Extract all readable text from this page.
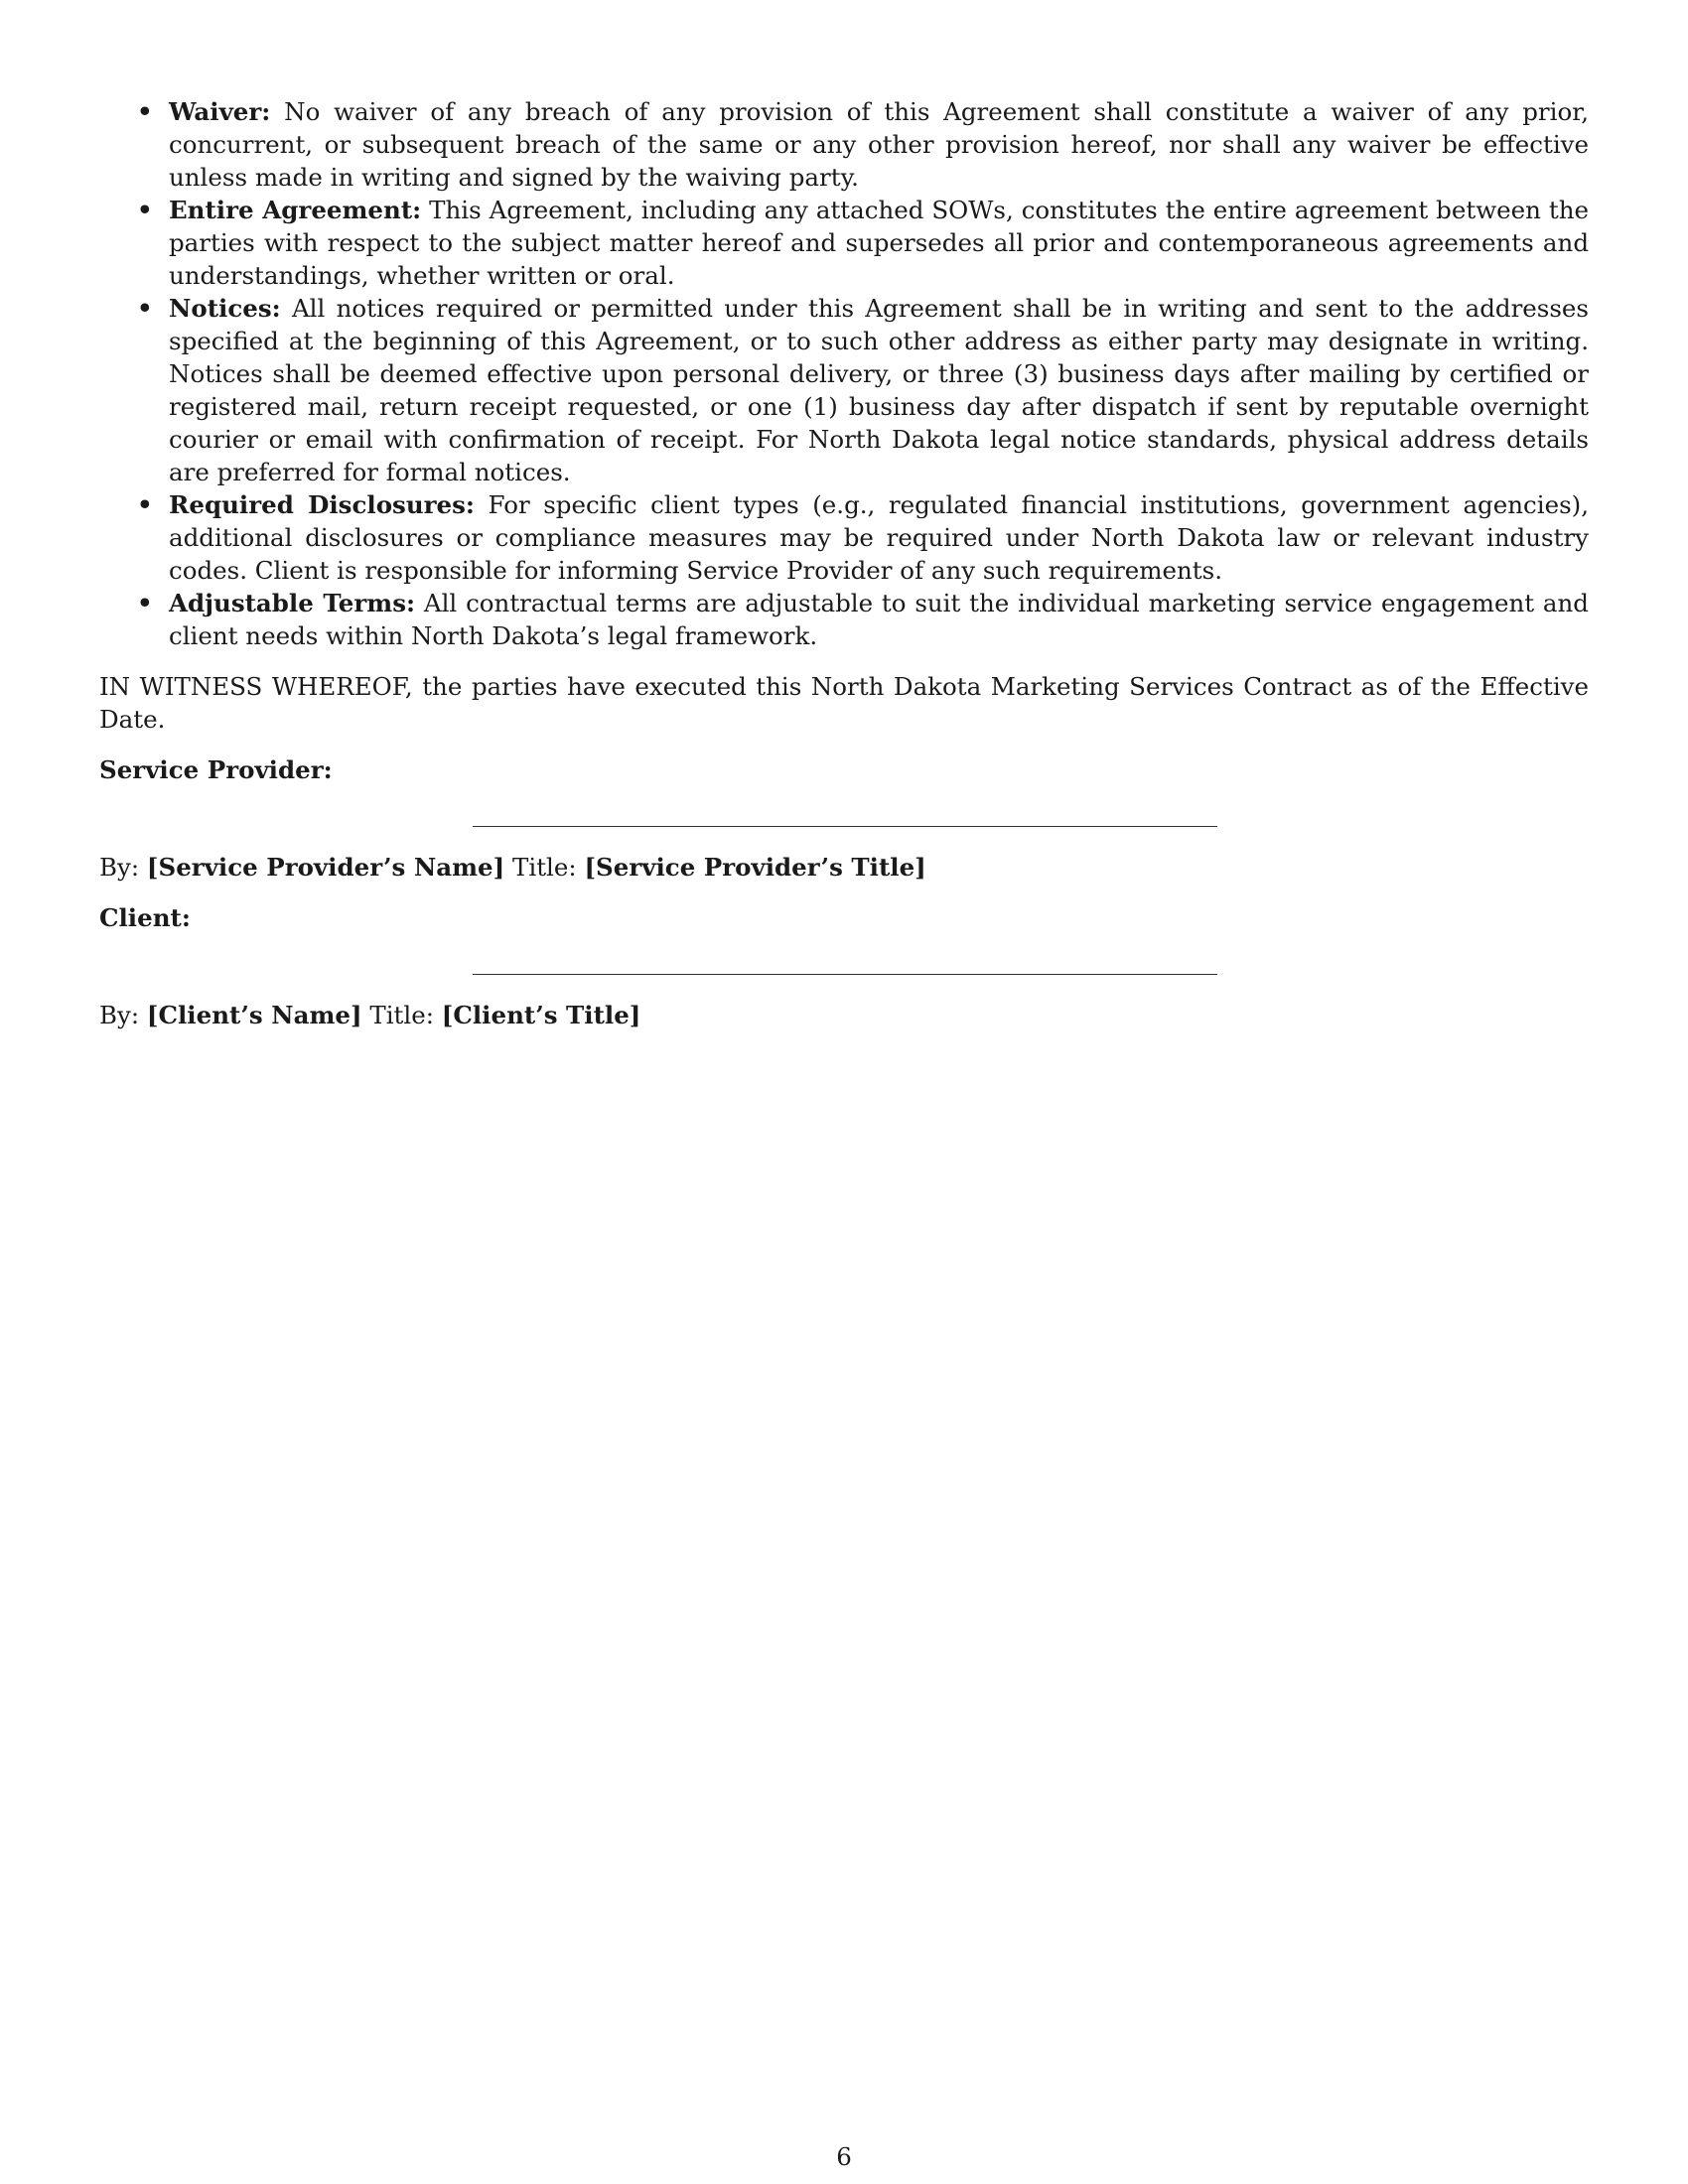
• Waiver: No waiver of any breach of any provision of this Agreement shall constitute a waiver of any prior, concurrent, or subsequent breach of the same or any other provision hereof, nor shall any waiver be effective unless made in writing and signed by the waiving party.
• Entire Agreement: This Agreement, including any attached SOWs, constitutes the entire agreement between the parties with respect to the subject matter hereof and supersedes all prior and contemporaneous agreements and understandings, whether written or oral.
• Notices: All notices required or permitted under this Agreement shall be in writing and sent to the addresses specified at the beginning of this Agreement, or to such other address as either party may designate in writing. Notices shall be deemed effective upon personal delivery, or three (3) business days after mailing by certified or registered mail, return receipt requested, or one (1) business day after dispatch if sent by reputable overnight courier or email with confirmation of receipt. For North Dakota legal notice standards, physical address details are preferred for formal notices.
• Required Disclosures: For specific client types (e.g., regulated financial institutions, government agencies), additional disclosures or compliance measures may be required under North Dakota law or relevant industry codes. Client is responsible for informing Service Provider of any such requirements.
• Adjustable Terms: All contractual terms are adjustable to suit the individual marketing service engagement and client needs within North Dakota’s legal framework.

IN WITNESS WHEREOF, the parties have executed this North Dakota Marketing Services Contract as of the Effective Date.

Service Provider:
By: [Service Provider’s Name] Title: [Service Provider’s Title]
Client:
By: [Client’s Name] Title: [Client’s Title]
6
